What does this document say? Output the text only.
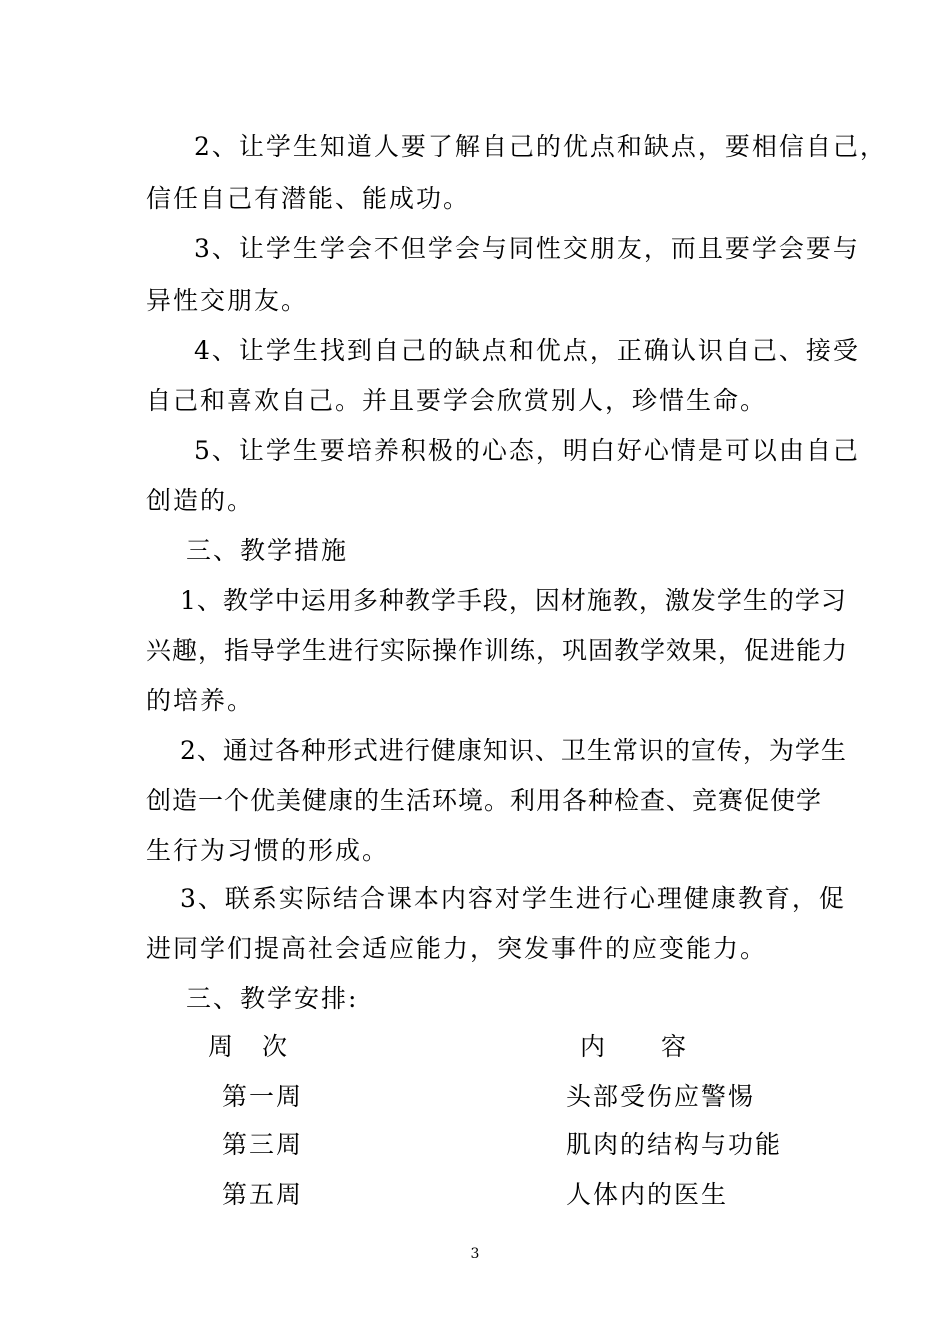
2、让学生知道人要了解自己的优点和缺点，要相信自己，
信任自己有潜能、能成功。
3、让学生学会不但学会与同性交朋友，而且要学会要与
异性交朋友。
4、让学生找到自己的缺点和优点，正确认识自己、接受
自己和喜欢自己。并且要学会欣赏别人，珍惜生命。
5、让学生要培养积极的心态，明白好心情是可以由自己
创造的。
三、教学措施
1、教学中运用多种教学手段，因材施教，激发学生的学习
兴趣，指导学生进行实际操作训练，巩固教学效果，促进能力
的培养。
2、通过各种形式进行健康知识、卫生常识的宣传，为学生
创造一个优美健康的生活环境。利用各种检查、竞赛促使学
生行为习惯的形成。
3、联系实际结合课本内容对学生进行心理健康教育，促
进同学们提高社会适应能力，突发事件的应变能力。
三、教学安排:
周　次	内　　容
第一周	头部受伤应警惕
第三周	肌肉的结构与功能
第五周	人体内的医生
3
